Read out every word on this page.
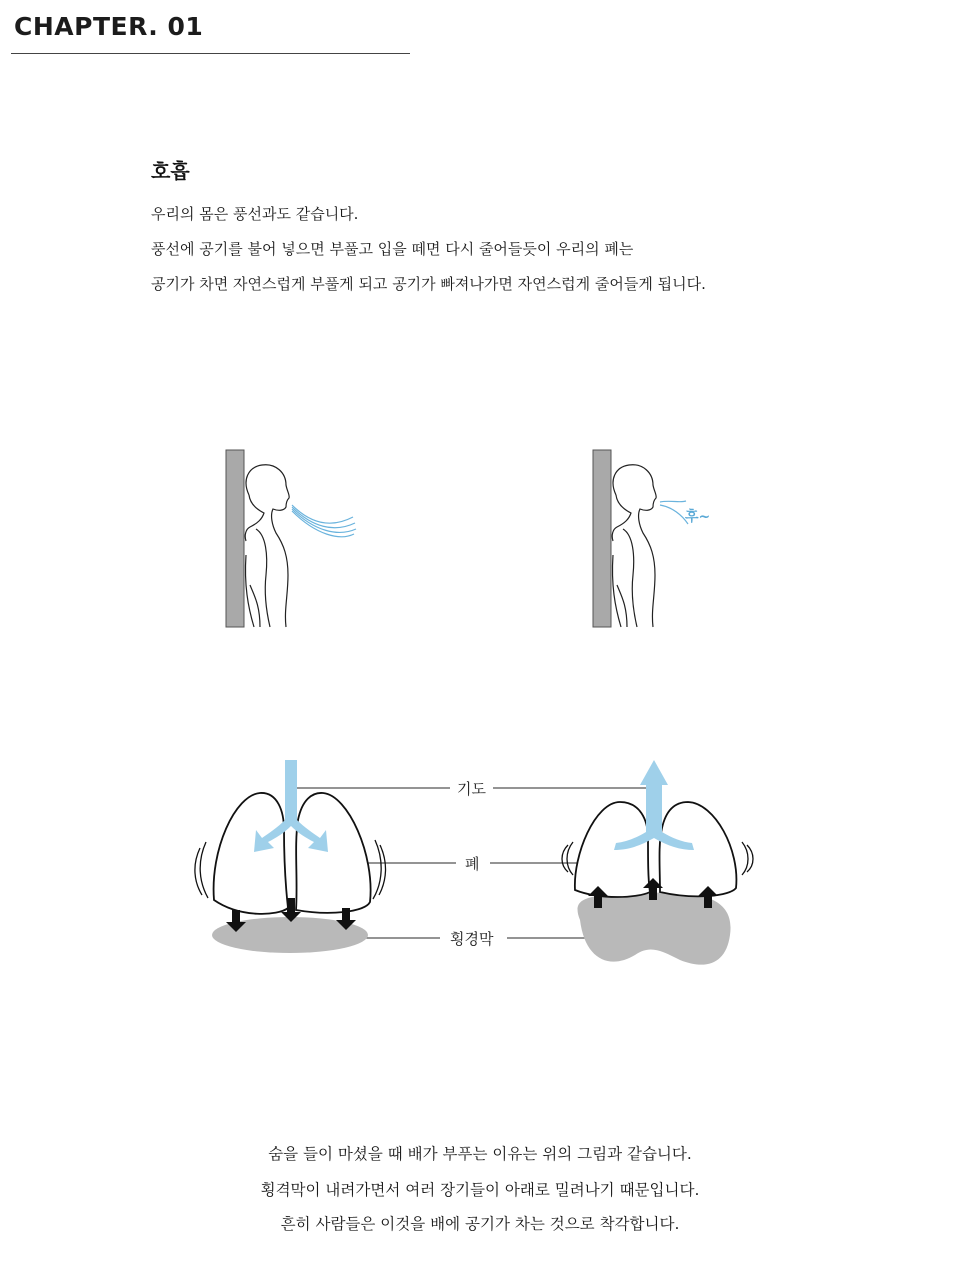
CHAPTER. 01
호흡

우리의 몸은 풍선과도 같습니다.

풍선에 공기를 불어 넣으면 부풀고 입을 떼면 다시 줄어들듯이 우리의 폐는

공기가 차면 자연스럽게 부풀게 되고 공기가 빠져나가면 자연스럽게 줄어들게 됩니다.

후~
기도
폐
횡경막

숨을 들이 마셨을 때 배가 부푸는 이유는 위의 그림과 같습니다.

횡격막이 내려가면서 여러 장기들이 아래로 밀려나기 때문입니다.

흔히 사람들은 이것을 배에 공기가 차는 것으로 착각합니다.
